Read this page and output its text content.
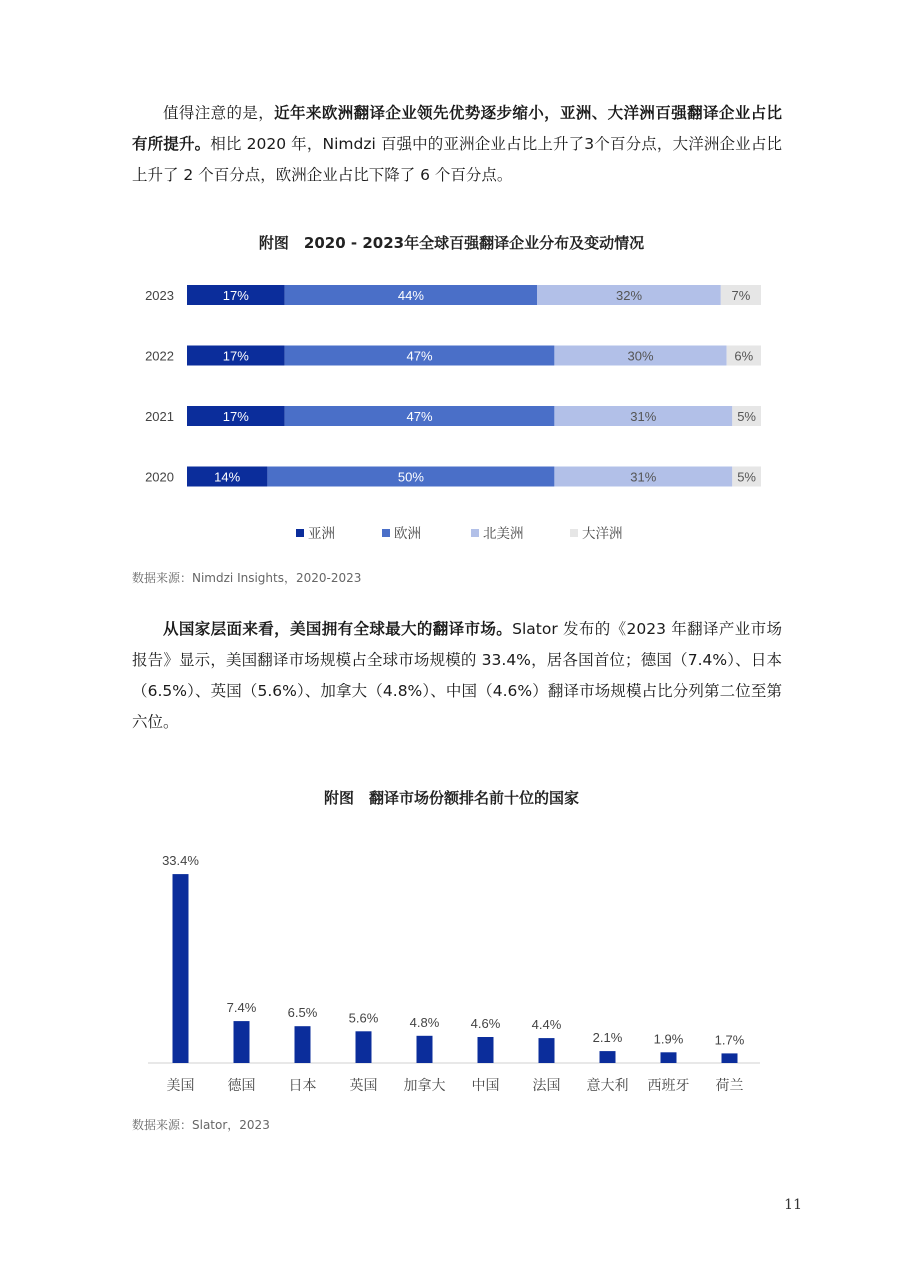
值得注意的是，近年来欧洲翻译企业领先优势逐步缩小，亚洲、大洋洲百强翻译企业占比有所提升。相比 2020 年，Nimdzi 百强中的亚洲企业占比上升了3个百分点，大洋洲企业占比上升了 2 个百分点，欧洲企业占比下降了 6 个百分点。

附图　2020 - 2023年全球百强翻译企业分布及变动情况

2023	17%	44%	32%	7%
2022	17%	47%	30%	6%
2021	17%	47%	31%	5%
2020	14%	50%	31%	5%
亚洲	欧洲	北美洲	大洋洲

数据来源：Nimdzi Insights，2020-2023

从国家层面来看，美国拥有全球最大的翻译市场。Slator 发布的《2023 年翻译产业市场报告》显示，美国翻译市场规模占全球市场规模的 33.4%，居各国首位；德国（7.4%）、日本（6.5%）、英国（5.6%）、加拿大（4.8%）、中国（4.6%）翻译市场规模占比分列第二位至第六位。

附图　翻译市场份额排名前十位的国家

33.4%
美国
7.4%
德国
6.5%
日本
5.6%
英国
4.8%
加拿大
4.6%
中国
4.4%
法国
2.1%
意大利
1.9%
西班牙
1.7%
荷兰

数据来源：Slator，2023

11
